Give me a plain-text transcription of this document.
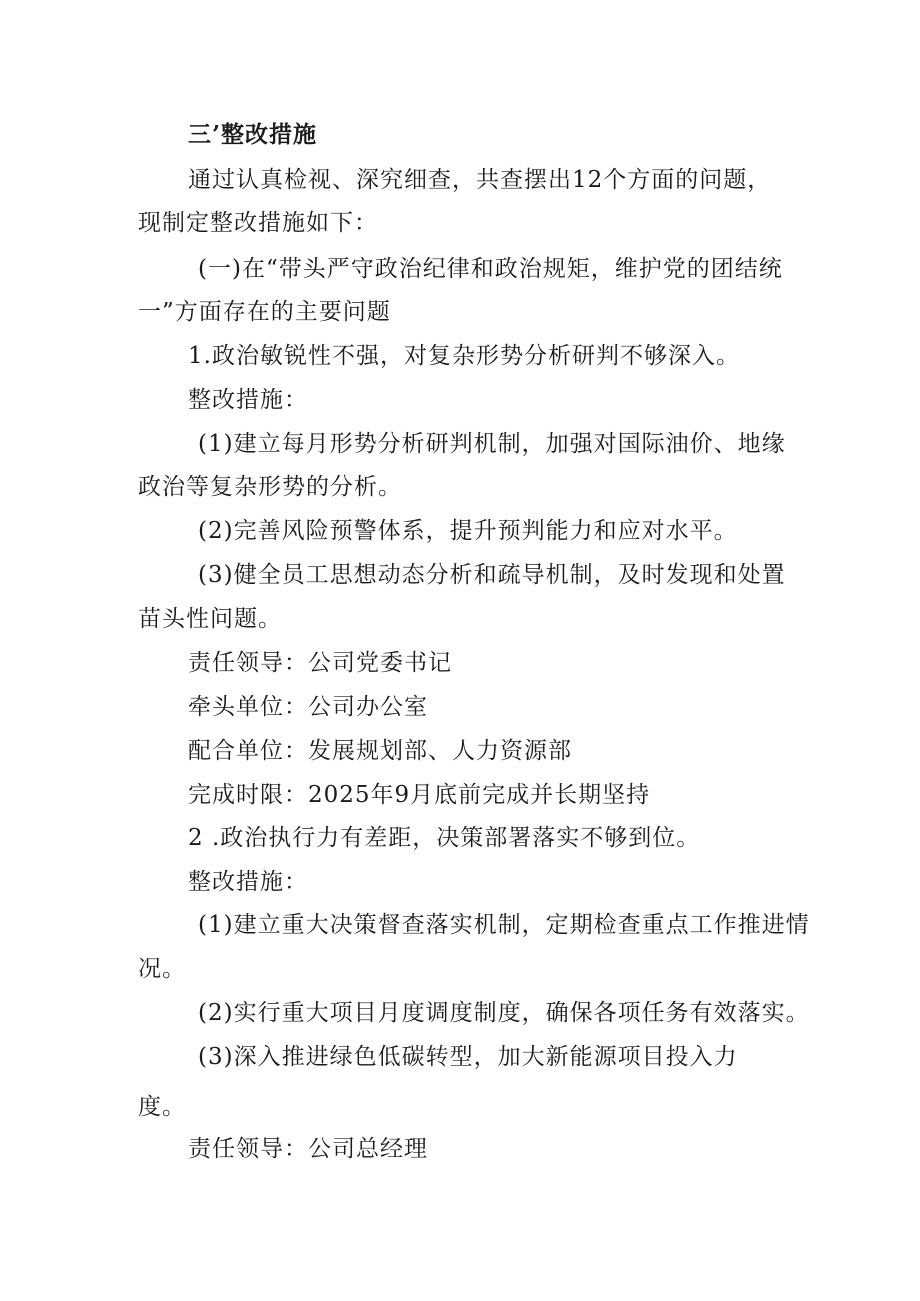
三’整改措施
通过认真检视、深究细查，共查摆出12个方面的问题，
现制定整改措施如下：
(一)在“带头严守政治纪律和政治规矩，维护党的团结统
一”方面存在的主要问题
1.政治敏锐性不强，对复杂形势分析研判不够深入。
整改措施：
(1)建立每月形势分析研判机制，加强对国际油价、地缘
政治等复杂形势的分析。
(2)完善风险预警体系，提升预判能力和应对水平。
(3)健全员工思想动态分析和疏导机制，及时发现和处置
苗头性问题。
责任领导：公司党委书记
牵头单位：公司办公室
配合单位：发展规划部、人力资源部
完成时限：2025年9月底前完成并长期坚持
2 .政治执行力有差距，决策部署落实不够到位。
整改措施：
(1)建立重大决策督查落实机制，定期检查重点工作推进情
况。
(2)实行重大项目月度调度制度，确保各项任务有效落实。
(3)深入推进绿色低碳转型，加大新能源项目投入力
度。
责任领导：公司总经理
